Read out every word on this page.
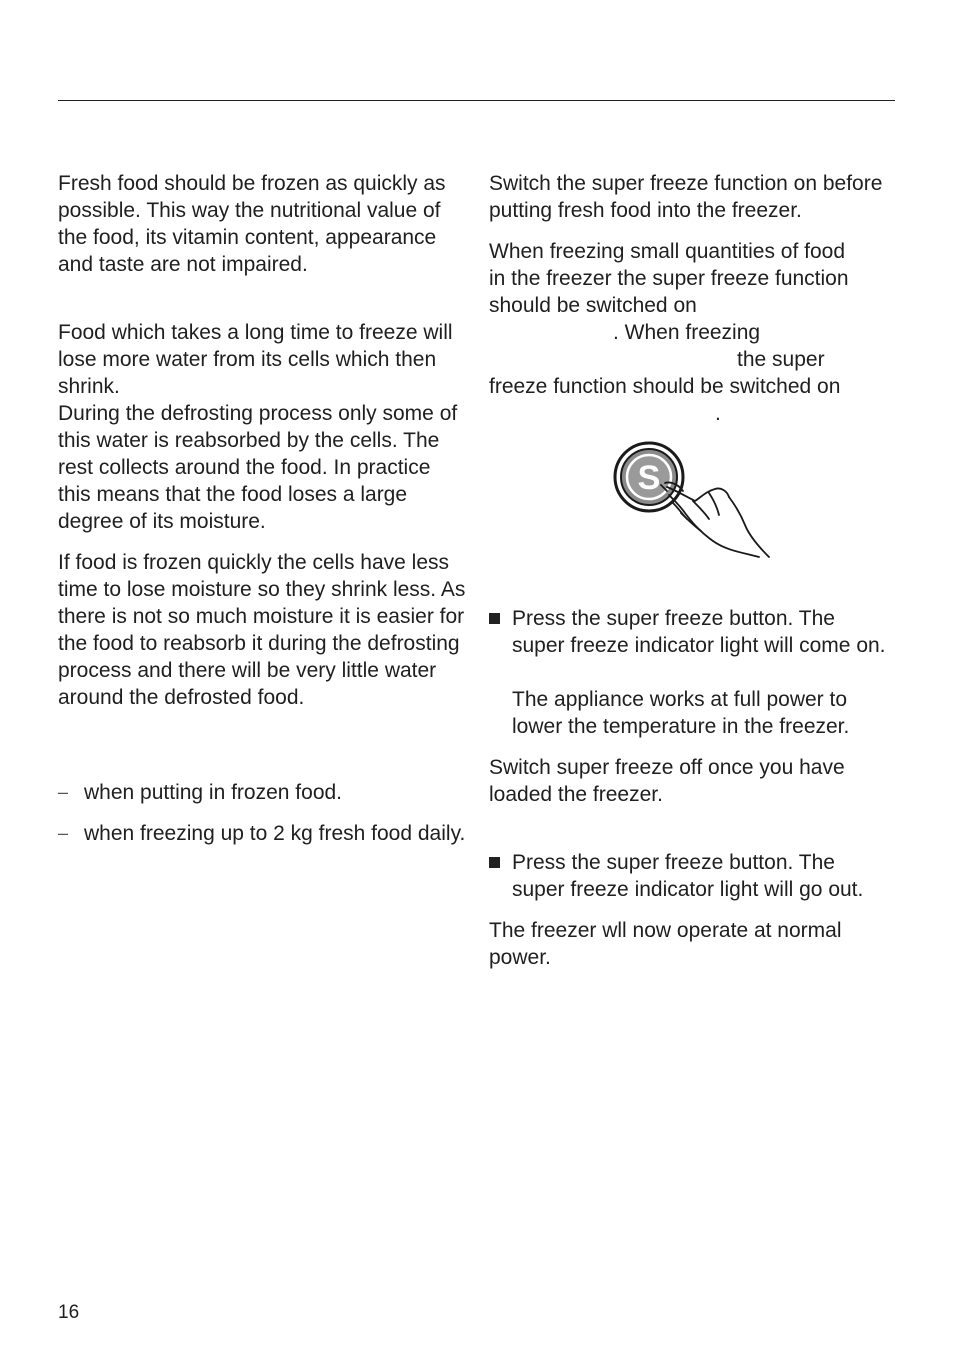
Fresh food should be frozen as quickly as possible. This way the nutritional value of the food, its vitamin content, appearance and taste are not impaired.

Food which takes a long time to freeze will lose more water from its cells which then shrink.

During the defrosting process only some of this water is reabsorbed by the cells. The rest collects around the food. In practice this means that the food loses a large degree of its moisture.

If food is frozen quickly the cells have less time to lose moisture so they shrink less. As there is not so much moisture it is easier for the food to reabsorb it during the defrosting process and there will be very little water around the defrosted food.

– when putting in frozen food.

– when freezing up to 2 kg fresh food daily.

Switch the super freeze function on before putting fresh food into the freezer.

When freezing small quantities of food
in the freezer the super freeze function
should be switched on
. When freezing
the super
freeze function should be switched on
.

S

Press the super freeze button. The super freeze indicator light will come on.

The appliance works at full power to lower the temperature in the freezer.

Switch super freeze off once you have loaded the freezer.

Press the super freeze button. The super freeze indicator light will go out.

The freezer wll now operate at normal power.

16
